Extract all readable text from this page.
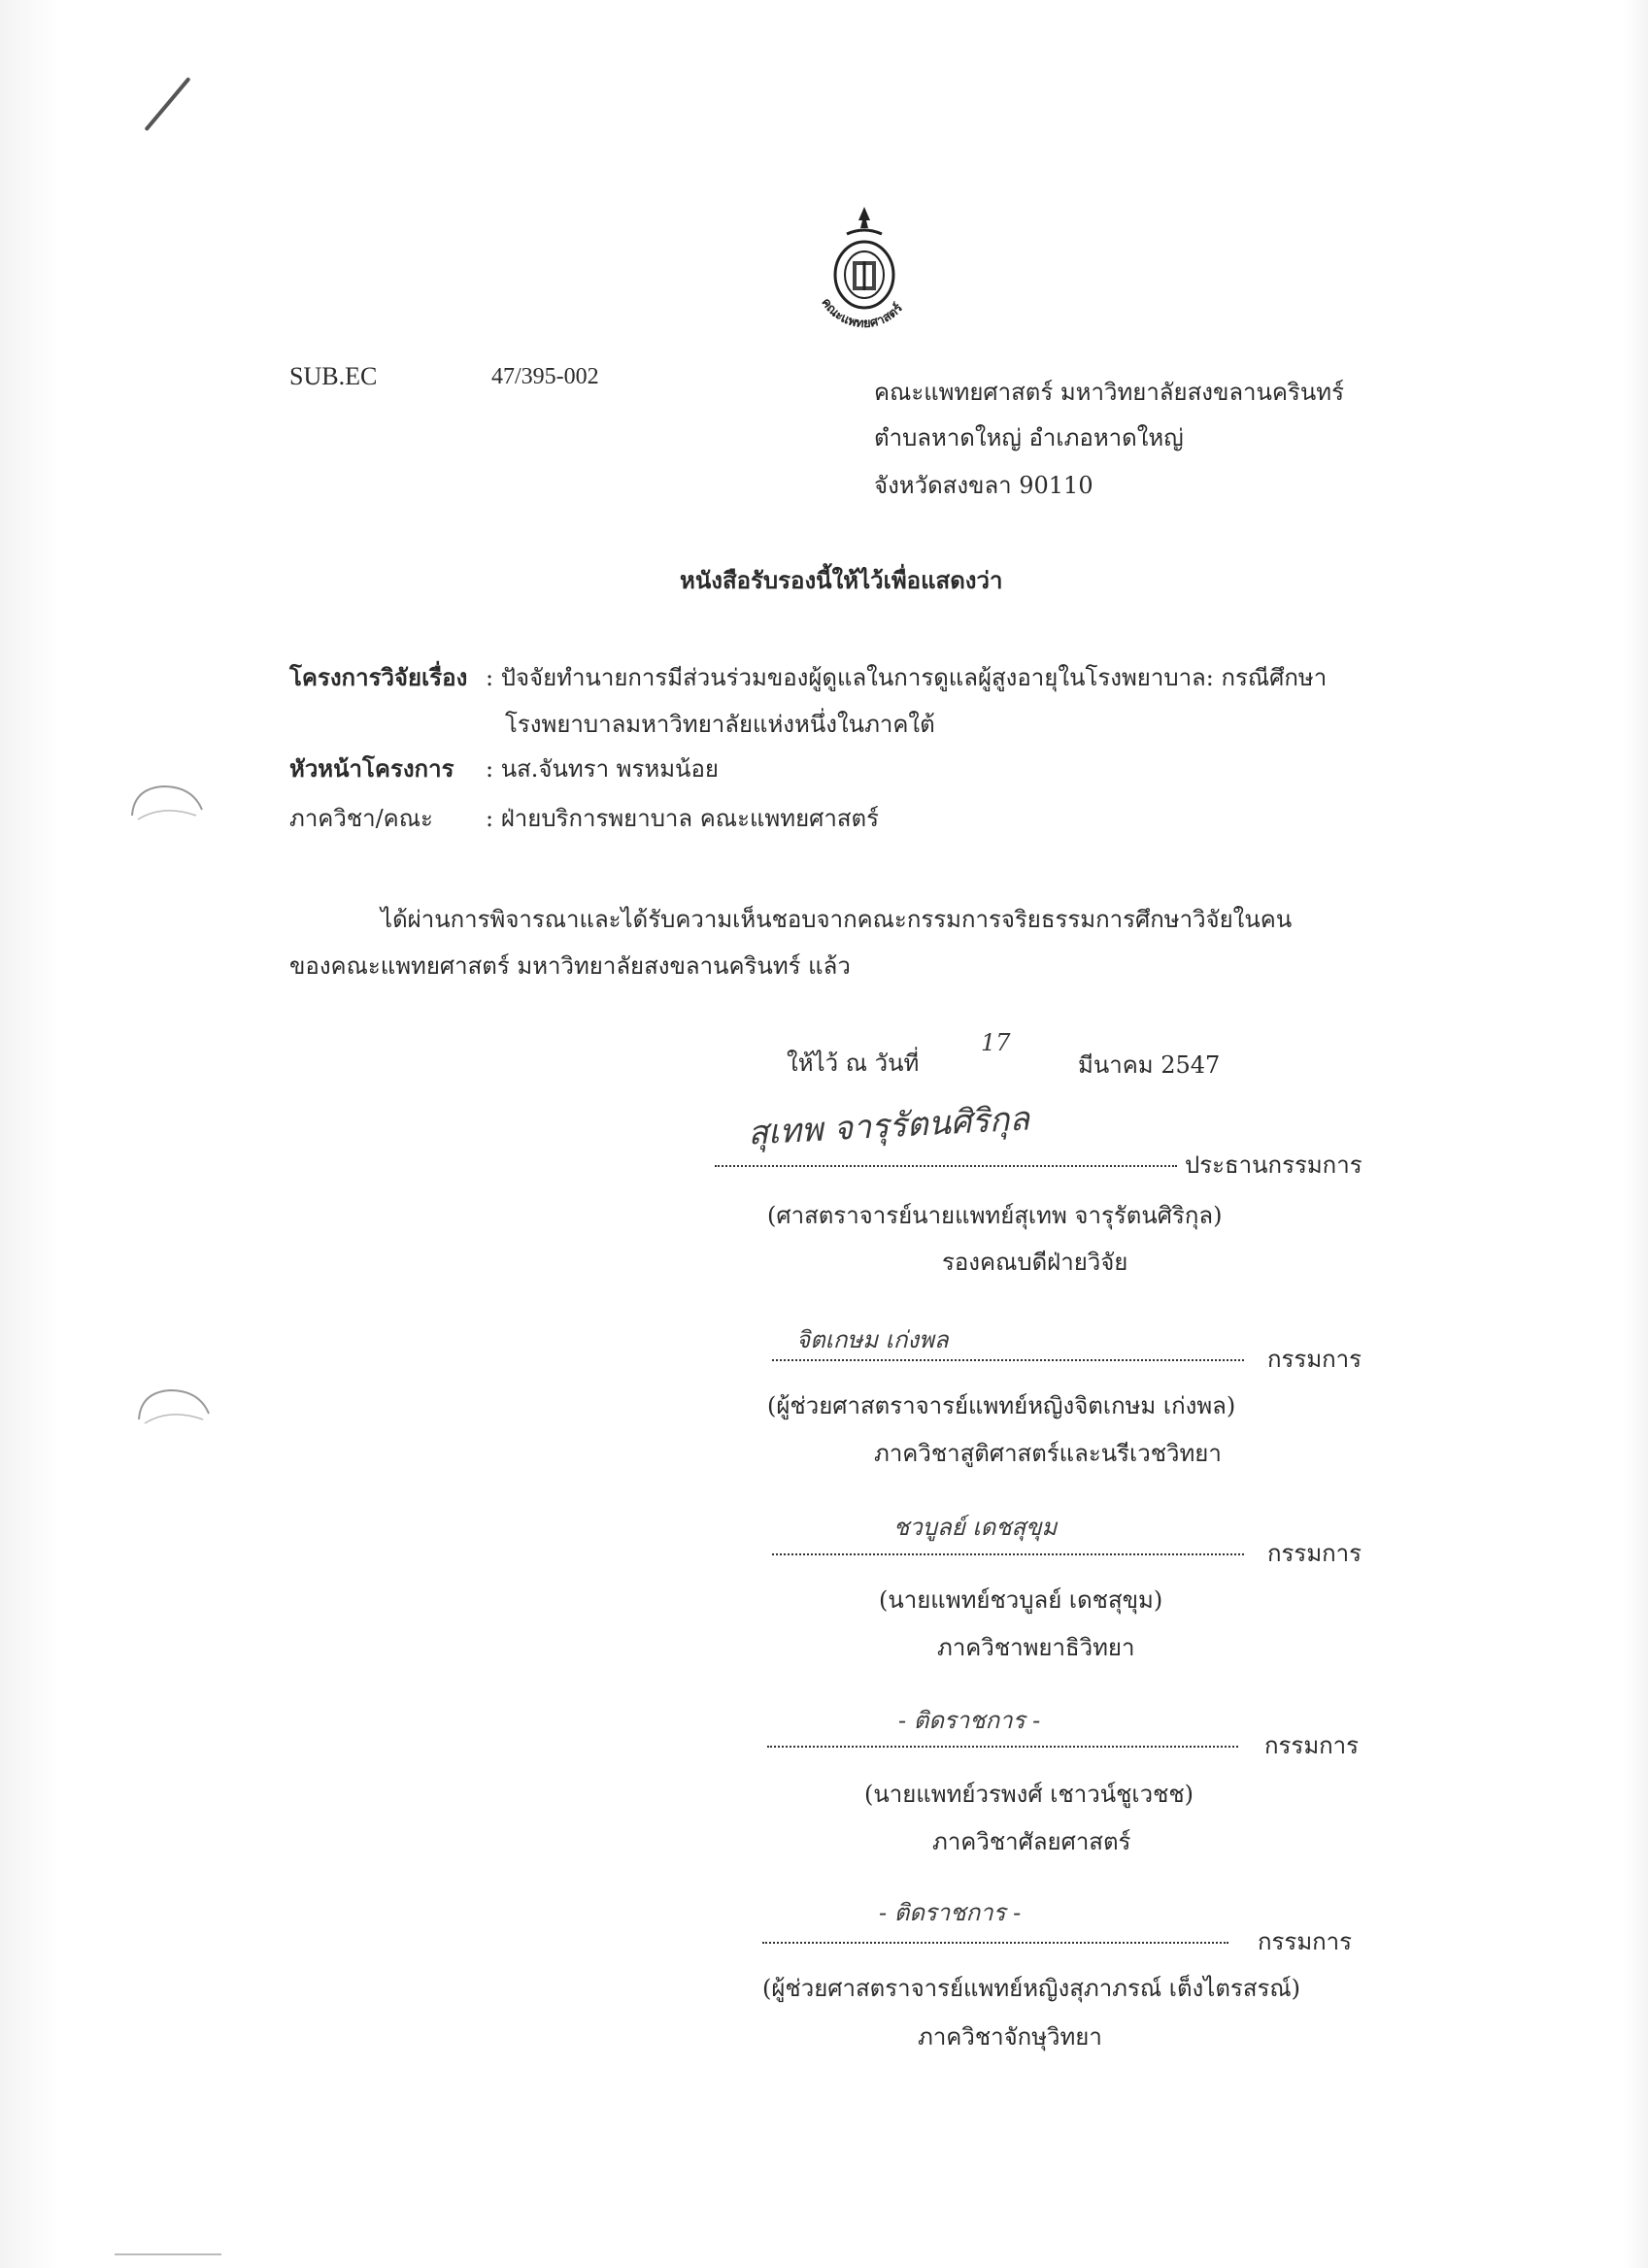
คณะแพทยศาสตร์
SUB.EC	47/395-002
คณะแพทยศาสตร์ มหาวิทยาลัยสงขลานครินทร์
ตำบลหาดใหญ่ อำเภอหาดใหญ่
จังหวัดสงขลา 90110
หนังสือรับรองนี้ให้ไว้เพื่อแสดงว่า
โครงการวิจัยเรื่อง : ปัจจัยทำนายการมีส่วนร่วมของผู้ดูแลในการดูแลผู้สูงอายุในโรงพยาบาล: กรณีศึกษา
โรงพยาบาลมหาวิทยาลัยแห่งหนึ่งในภาคใต้
หัวหน้าโครงการ : นส.จันทรา พรหมน้อย
ภาควิชา/คณะ : ฝ่ายบริการพยาบาล คณะแพทยศาสตร์
ได้ผ่านการพิจารณาและได้รับความเห็นชอบจากคณะกรรมการจริยธรรมการศึกษาวิจัยในคน
ของคณะแพทยศาสตร์ มหาวิทยาลัยสงขลานครินทร์ แล้ว
ให้ไว้ ณ วันที่
17
มีนาคม 2547
สุเทพ จารุรัตนศิริกุล
ประธานกรรมการ
(ศาสตราจารย์นายแพทย์สุเทพ จารุรัตนศิริกุล)
รองคณบดีฝ่ายวิจัย
จิตเกษม เก่งพล
กรรมการ
(ผู้ช่วยศาสตราจารย์แพทย์หญิงจิตเกษม เก่งพล)
ภาควิชาสูติศาสตร์และนรีเวชวิทยา
ชวบูลย์ เดชสุขุม
กรรมการ
(นายแพทย์ชวบูลย์ เดชสุขุม)
ภาควิชาพยาธิวิทยา
- ติดราชการ -
กรรมการ
(นายแพทย์วรพงศ์ เชาวน์ชูเวชช)
ภาควิชาศัลยศาสตร์
- ติดราชการ -
กรรมการ
(ผู้ช่วยศาสตราจารย์แพทย์หญิงสุภาภรณ์ เต็งไตรสรณ์)
ภาควิชาจักษุวิทยา
